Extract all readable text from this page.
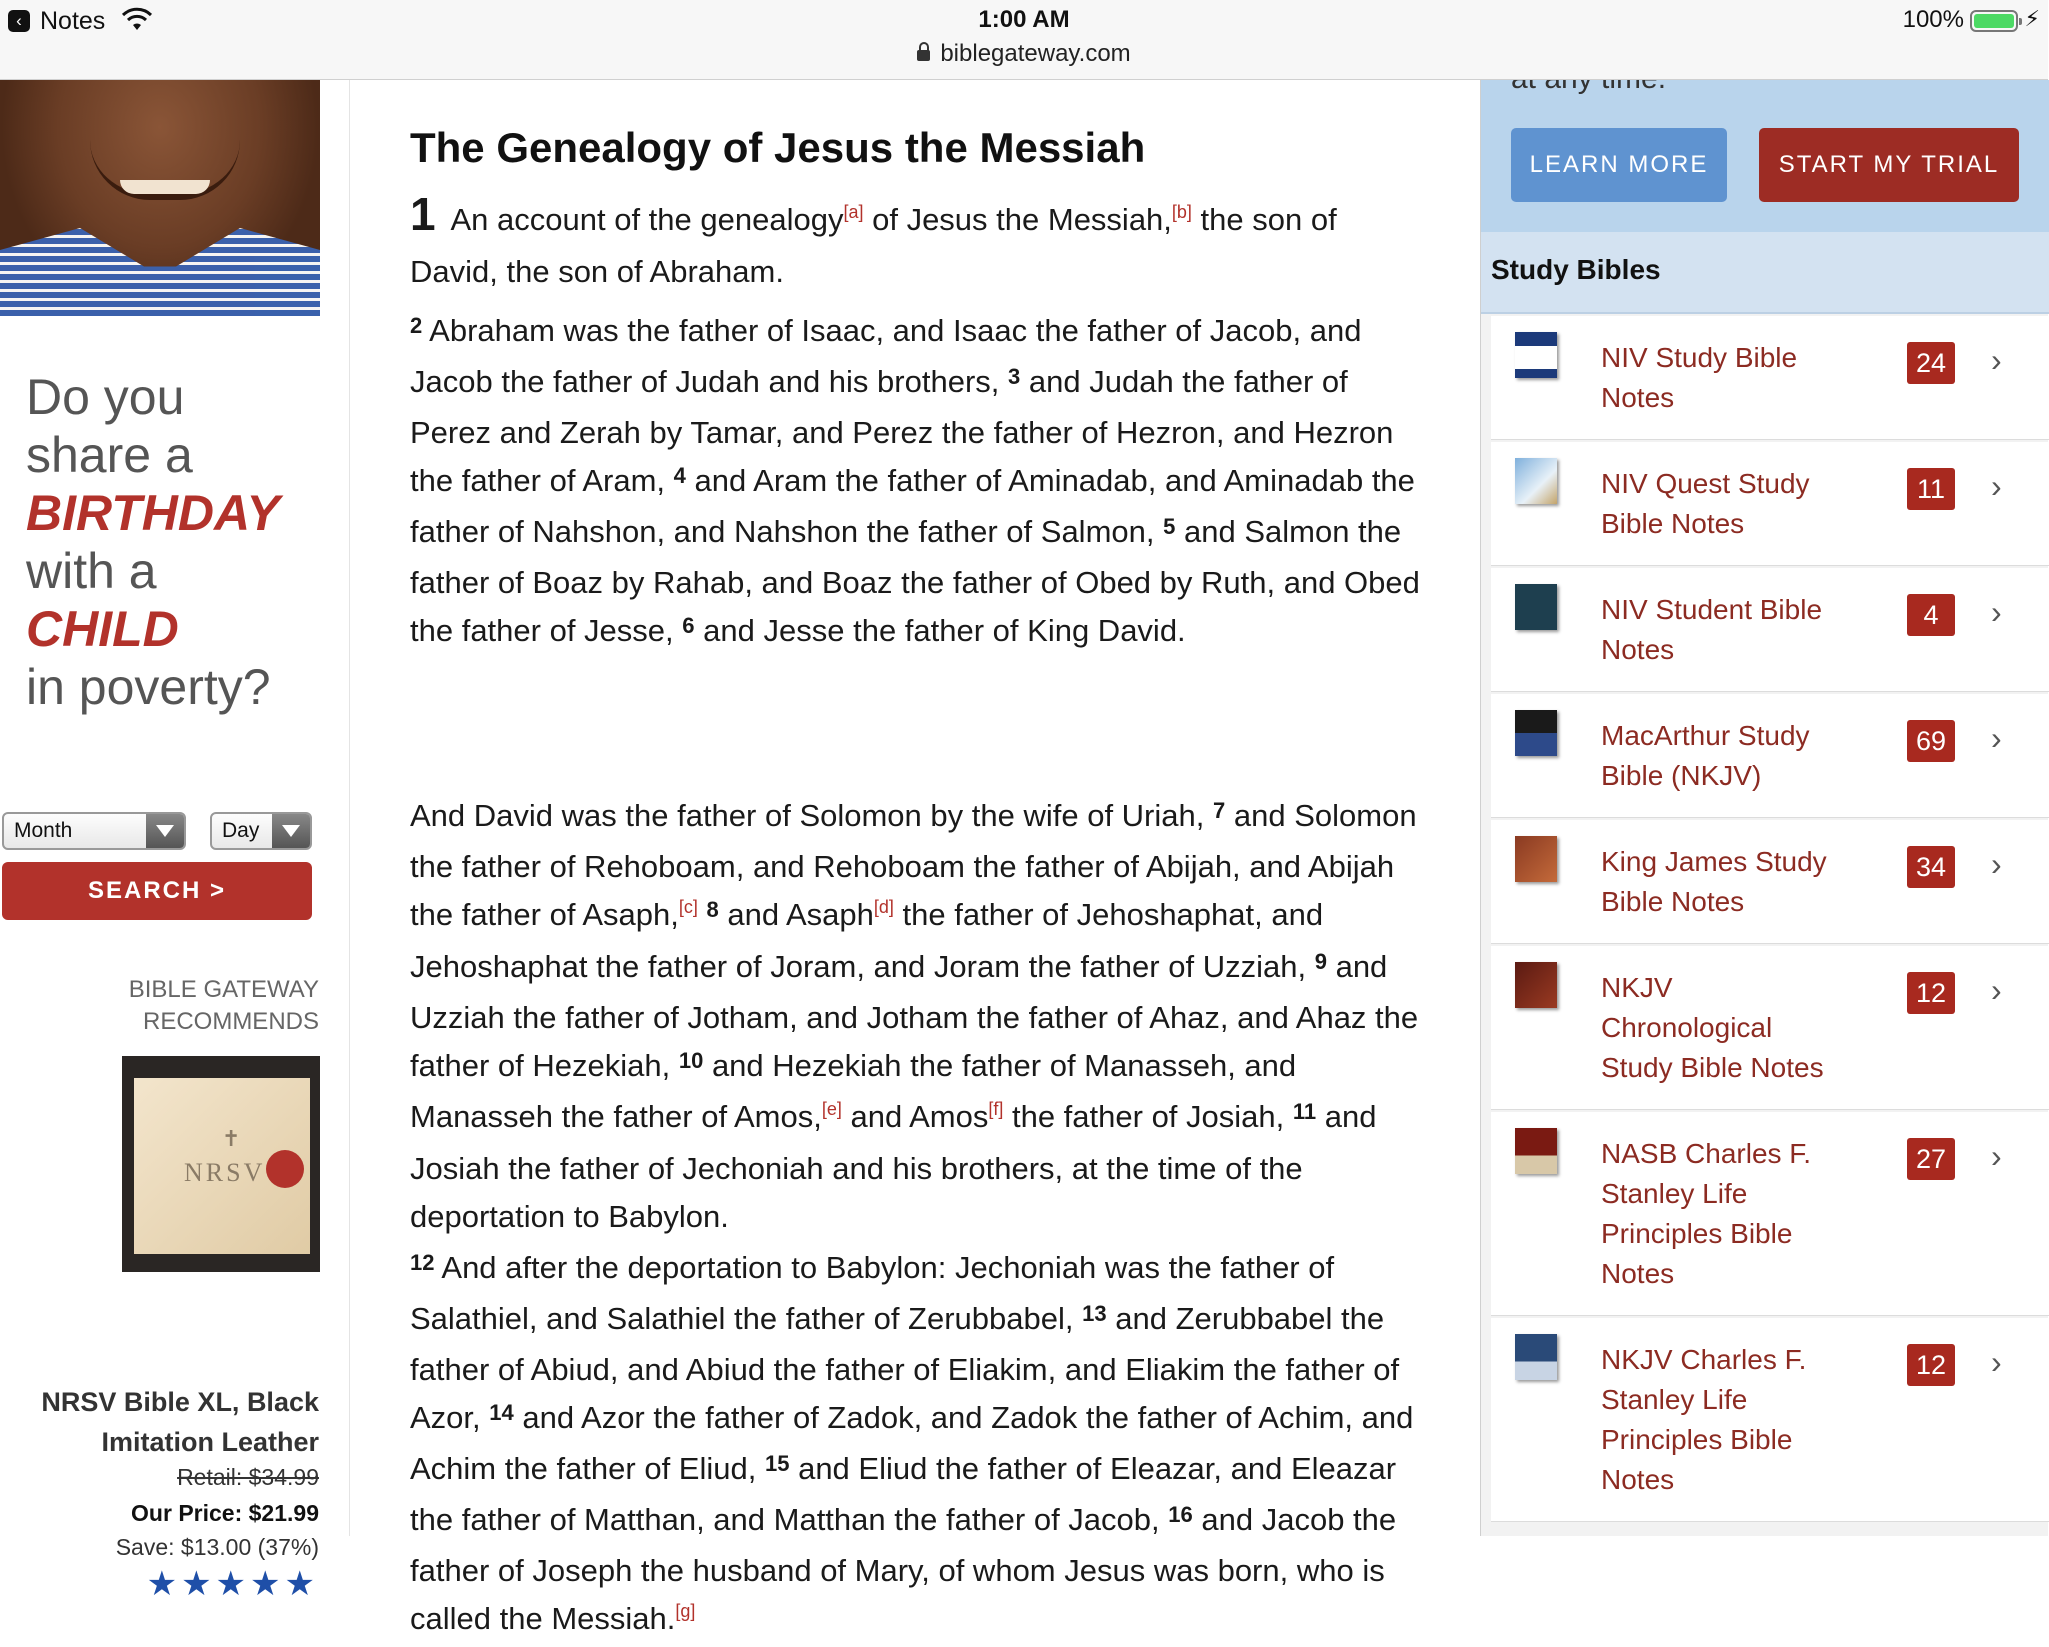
‹ Notes	1:00 AM
biblegateway.com
100%	⚡
Do you
share a
BIRTHDAY
with a
CHILD
in poverty?
Month	Day
SEARCH >
BIBLE GATEWAY
RECOMMENDS
✝
NRSV
NRSV Bible XL, Black
Imitation Leather
Retail: $34.99
Our Price: $21.99
Save: $13.00 (37%)
★★★★★
The Genealogy of Jesus the Messiah

1 An account of the genealogy[a] of Jesus the Messiah,[b] the son of David, the son of Abraham.

$^2$ Abraham was the father of Isaac, and Isaac the father of Jacob, and Jacob the father of Judah and his brothers, $^3$ and Judah the father of Perez and Zerah by Tamar, and Perez the father of Hezron, and Hezron the father of Aram, $^4$ and Aram the father of Aminadab, and Aminadab the father of Nahshon, and Nahshon the father of Salmon, $^5$ and Salmon the father of Boaz by Rahab, and Boaz the father of Obed by Ruth, and Obed the father of Jesse, $^6$ and Jesse the father of King David.

And David was the father of Solomon by the wife of Uriah, $^7$ and Solomon the father of Rehoboam, and Rehoboam the father of Abijah, and Abijah the father of Asaph,[c] $^8$ and Asaph[d] the father of Jehoshaphat, and Jehoshaphat the father of Joram, and Joram the father of Uzziah, $^9$ and Uzziah the father of Jotham, and Jotham the father of Ahaz, and Ahaz the father of Hezekiah, $^{10}$ and Hezekiah the father of Manasseh, and Manasseh the father of Amos,[e] and Amos[f] the father of Josiah, $^{11}$ and Josiah the father of Jechoniah and his brothers, at the time of the deportation to Babylon.

$^{12}$ And after the deportation to Babylon: Jechoniah was the father of Salathiel, and Salathiel the father of Zerubbabel, $^{13}$ and Zerubbabel the father of Abiud, and Abiud the father of Eliakim, and Eliakim the father of Azor, $^{14}$ and Azor the father of Zadok, and Zadok the father of Achim, and Achim the father of Eliud, $^{15}$ and Eliud the father of Eleazar, and Eleazar the father of Matthan, and Matthan the father of Jacob, $^{16}$ and Jacob the father of Joseph the husband of Mary, of whom Jesus was born, who is called the Messiah.[g]

LEARN MORE	START MY TRIAL
Study Bibles
NIV Study Bible Notes
24 ›
NIV Quest Study Bible Notes
11	›
NIV Student Bible Notes
4	›
MacArthur Study Bible (NKJV)
69 ›
King James Study Bible Notes
34 ›
NKJV Chronological Study Bible Notes
12 ›
NASB Charles F. Stanley Life Principles Bible Notes
27 ›
NKJV Charles F. Stanley Life Principles Bible Notes
12 ›
